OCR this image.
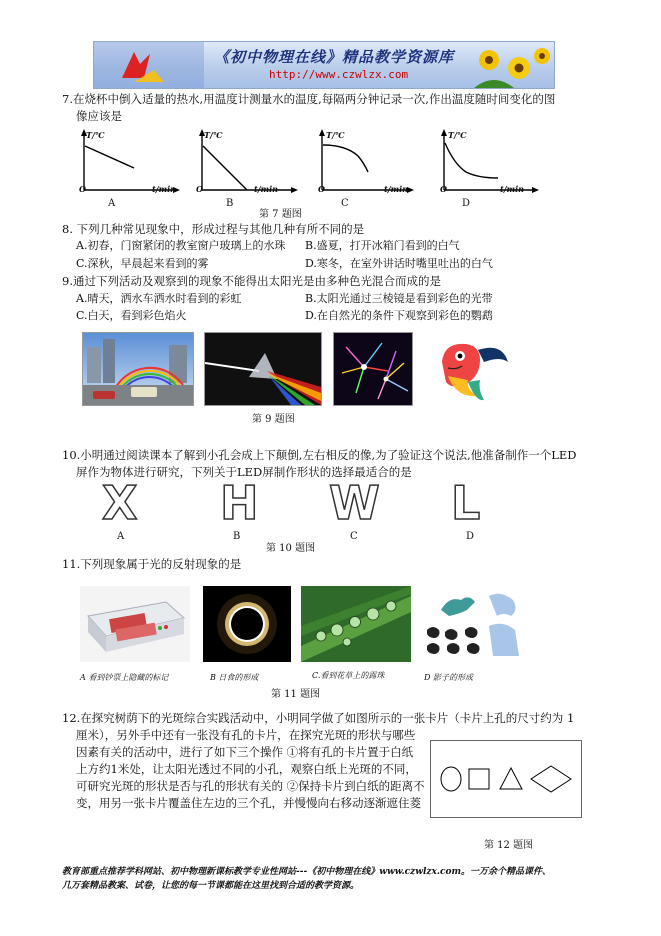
《初中物理在线》精品教学资源库
http://www.czwlzx.com
7.在烧杯中倒入适量的热水,用温度计测量水的温度,每隔两分钟记录一次,作出温度随时间变化的图
像应该是
T/℃
t/min
O
A
T/℃
t/min
O
B
T/℃
t/min
O
C
T/℃
t/min
O
D
第 7 题图
8. 下列几种常见现象中，形成过程与其他几种有所不同的是
A.初春，门窗紧闭的教室窗户玻璃上的水珠 B.盛夏，打开冰箱门看到的白气
C.深秋，早晨起来看到的雾	D.寒冬，在室外讲话时嘴里吐出的白气
9.通过下列活动及观察到的现象不能得出太阳光是由多种色光混合而成的是
A.晴天，洒水车洒水时看到的彩虹	B.太阳光通过三棱镜是看到彩色的光带
C.白天，看到彩色焰火	D.在自然光的条件下观察到彩色的鹦鹉
第 9 题图
10.小明通过阅读课本了解到小孔会成上下颠倒,左右相反的像,为了验证这个说法,他准备制作一个LED
屏作为物体进行研究，下列关于LED屏制作形状的选择最适合的是
X H W L
A	B	C	D
第 10 题图
11.下列现象属于光的反射现象的是
A 看到钞票上隐藏的标记	B 日食的形成	C.看到花草上的露珠	D 影子的形成
第 11 题图
12.在探究树荫下的光斑综合实践活动中，小明同学做了如图所示的一张卡片（卡片上孔的尺寸约为 1
厘米），另外手中还有一张没有孔的卡片，在探究光斑的形状与哪些
因素有关的活动中，进行了如下三个操作 ①将有孔的卡片置于白纸
上方约1米处，让太阳光透过不同的小孔，观察白纸上光斑的不同，
可研究光斑的形状是否与孔的形状有关的 ②保持卡片到白纸的距离不
变，用另一张卡片覆盖住左边的三个孔，并慢慢向右移动逐渐遮住菱
第 12 题图
教育部重点推荐学科网站、初中物理新课标教学专业性网站---《初中物理在线》www.czwlzx.com。一万余个精品课件、
几万套精品教案、试卷，让您的每一节课都能在这里找到合适的教学资源。
